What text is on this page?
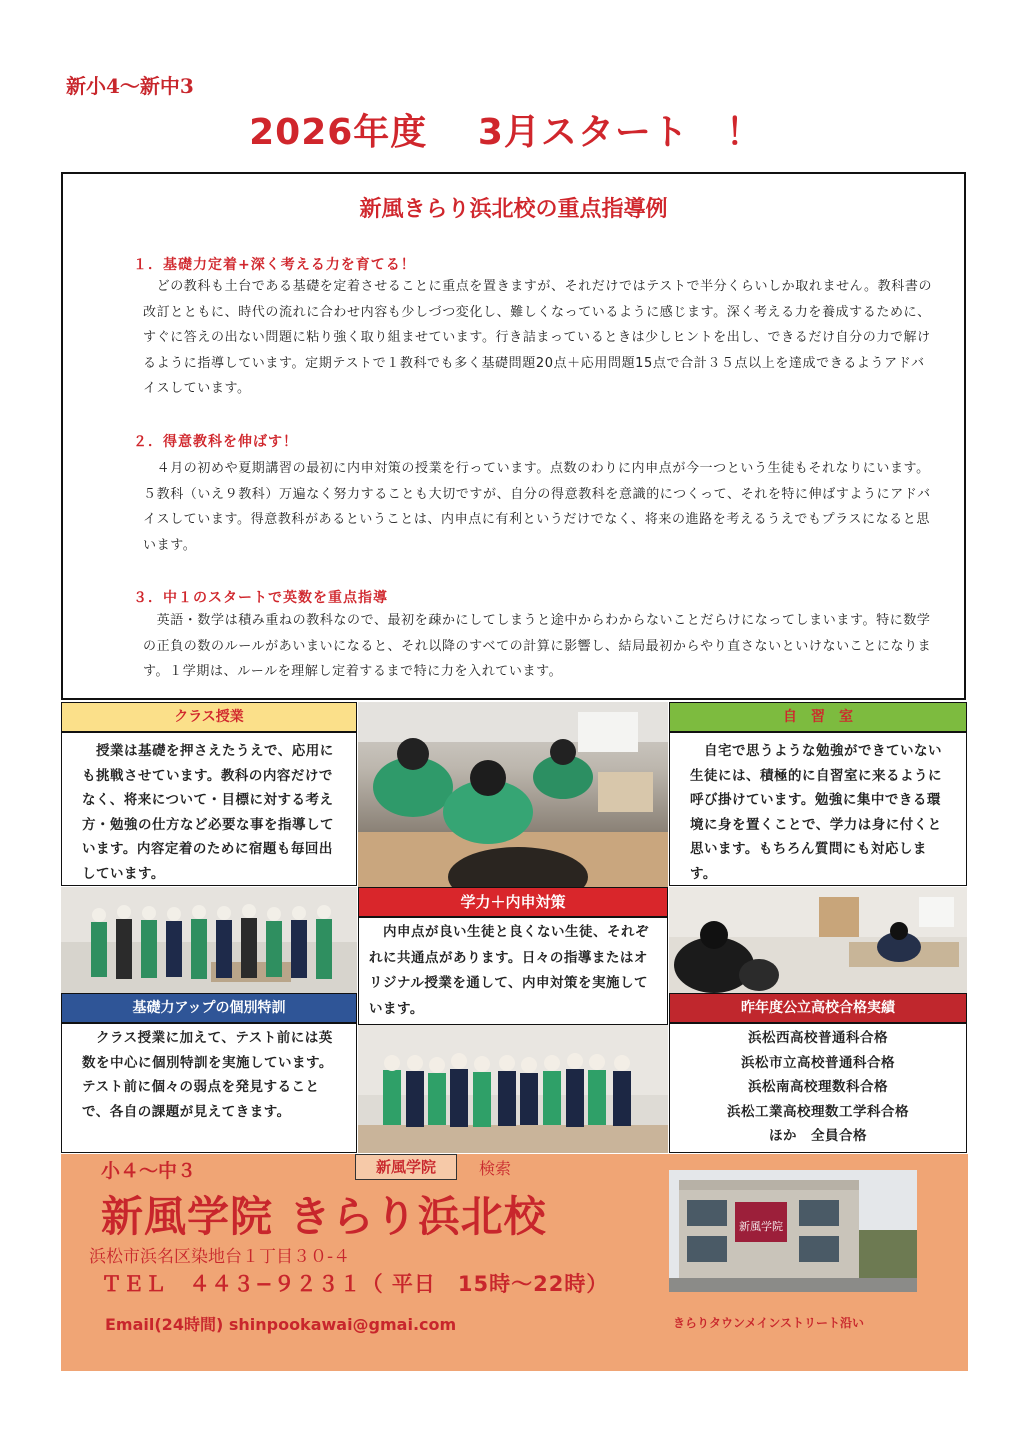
新小4〜新中3
2026年度　 3月スタート　！
新風きらり浜北校の重点指導例
１．基礎力定着+深く考える力を育てる！
　どの教科も土台である基礎を定着させることに重点を置きますが、それだけではテストで半分くらいしか取れません。教科書の改訂とともに、時代の流れに合わせ内容も少しづつ変化し、難しくなっているように感じます。深く考える力を養成するために、すぐに答えの出ない問題に粘り強く取り組ませています。行き詰まっているときは少しヒントを出し、できるだけ自分の力で解けるように指導しています。定期テストで１教科でも多く基礎問題20点＋応用問題15点で合計３５点以上を達成できるようアドバイスしています。
２．得意教科を伸ばす！
　４月の初めや夏期講習の最初に内申対策の授業を行っています。点数のわりに内申点が今一つという生徒もそれなりにいます。５教科（いえ９教科）万遍なく努力することも大切ですが、自分の得意教科を意識的につくって、それを特に伸ばすようにアドバイスしています。得意教科があるということは、内申点に有利というだけでなく、将来の進路を考えるうえでもプラスになると思います。
３．中１のスタートで英数を重点指導
　英語・数学は積み重ねの教科なので、最初を疎かにしてしまうと途中からわからないことだらけになってしまいます。特に数学の正負の数のルールがあいまいになると、それ以降のすべての計算に影響し、結局最初からやり直さないといけないことになります。１学期は、ルールを理解し定着するまで特に力を入れています。
クラス授業
　授業は基礎を押さえたうえで、応用にも挑戦させています。教科の内容だけでなく、将来について・目標に対する考え方・勉強の仕方など必要な事を指導しています。内容定着のために宿題も毎回出しています。
自　習　室
　自宅で思うような勉強ができていない生徒には、積極的に自習室に来るように呼び掛けています。勉強に集中できる環境に身を置くことで、学力は身に付くと思います。もちろん質問にも対応します。
学力＋内申対策
　内申点が良い生徒と良くない生徒、それぞれに共通点があります。日々の指導またはオリジナル授業を通して、内申対策を実施しています。
基礎力アップの個別特訓
　クラス授業に加えて、テスト前には英数を中心に個別特訓を実施しています。テスト前に個々の弱点を発見することで、各自の課題が見えてきます。
昨年度公立高校合格実績
浜松西高校普通科合格
浜松市立高校普通科合格
浜松南高校理数科合格
浜松工業高校理数工学科合格
ほか　全員合格
小４〜中３	新風学院	検索
新風学院 きらり浜北校
浜松市浜名区染地台１丁目３０-４
ＴＥＬ　４４３−９２３１（ 平日　15時〜22時）
Email(24時間) shinpookawai@gmai.com	きらりタウンメインストリート沿い
新風学院
